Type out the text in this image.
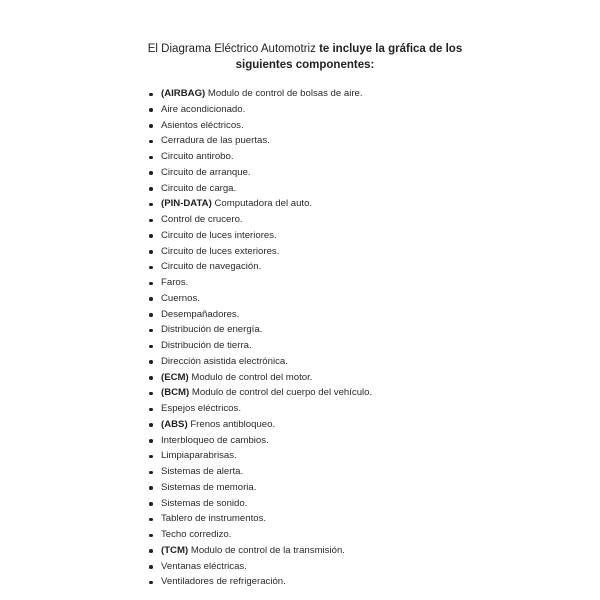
El Diagrama Eléctrico Automotriz te incluye la gráfica de los siguientes componentes:
(AIRBAG) Modulo de control de bolsas de aire.
Aire acondicionado.
Asientos eléctricos.
Cerradura de las puertas.
Circuito antirobo.
Circuito de arranque.
Circuito de carga.
(PIN-DATA) Computadora del auto.
Control de crucero.
Circuito de luces interiores.
Circuito de luces exteriores.
Circuito de navegación.
Faros.
Cuernos.
Desempañadores.
Distribución de energía.
Distribución de tierra.
Dirección asistida electrónica.
(ECM) Modulo de control del motor.
(BCM) Modulo de control del cuerpo del vehículo.
Espejos eléctricos.
(ABS) Frenos antibloqueo.
Interbloqueo de cambios.
Limpiaparabrisas.
Sistemas de alerta.
Sistemas de memoria.
Sistemas de sonido.
Tablero de instrumentos.
Techo corredizo.
(TCM) Modulo de control de la transmisión.
Ventanas eléctricas.
Ventiladores de refrigeración.
